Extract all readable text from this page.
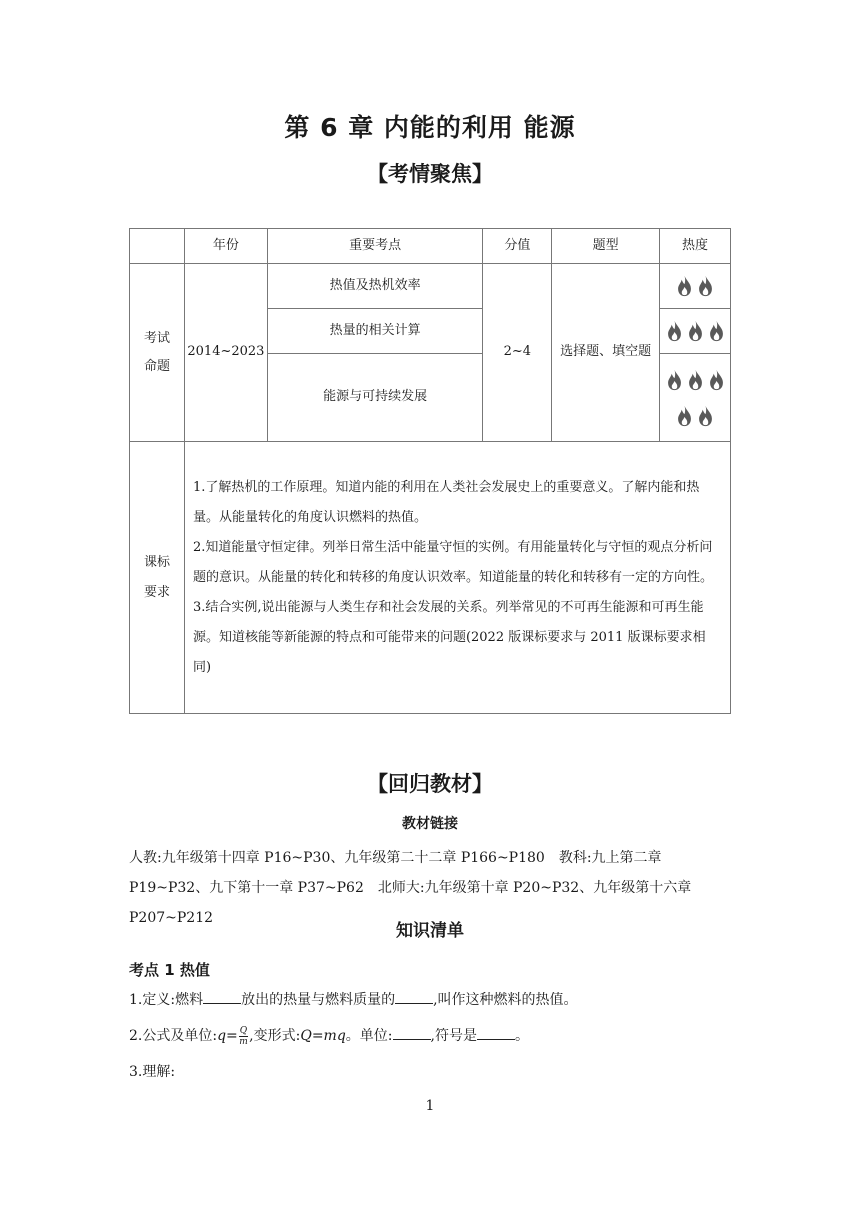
第 6 章 内能的利用 能源
【考情聚焦】
	年份	重要考点	分值	题型	热度
考试命题	2014~2023	热值及热机效率	2~4	选择题、填空题	

		热量的相关计算	

		能源与可持续发展	

课标要求	1.了解热机的工作原理。知道内能的利用在人类社会发展史上的重要意义。了解内能和热量。从能量转化的角度认识燃料的热值。

2.知道能量守恒定律。列举日常生活中能量守恒的实例。有用能量转化与守恒的观点分析问题的意识。从能量的转化和转移的角度认识效率。知道能量的转化和转移有一定的方向性。

3.结合实例,说出能源与人类生存和社会发展的关系。列举常见的不可再生能源和可再生能源。知道核能等新能源的特点和可能带来的问题(2022 版课标要求与 2011 版课标要求相同)				

【回归教材】
教材链接
人教:九年级第十四章 P16~P30、九年级第二十二章 P166~P180　教科:九上第二章 P19~P32、九下第十一章 P37~P62　北师大:九年级第十章 P20~P32、九年级第十六章 P207~P212
知识清单
考点 1 热值
1.定义:燃料	放出的热量与燃料质量的	,叫作这种燃料的热值。
2.公式及单位:q= $\frac{Q}{m}$ ,变形式:Q=mq。单位:	,符号是	。
3.理解:
1
